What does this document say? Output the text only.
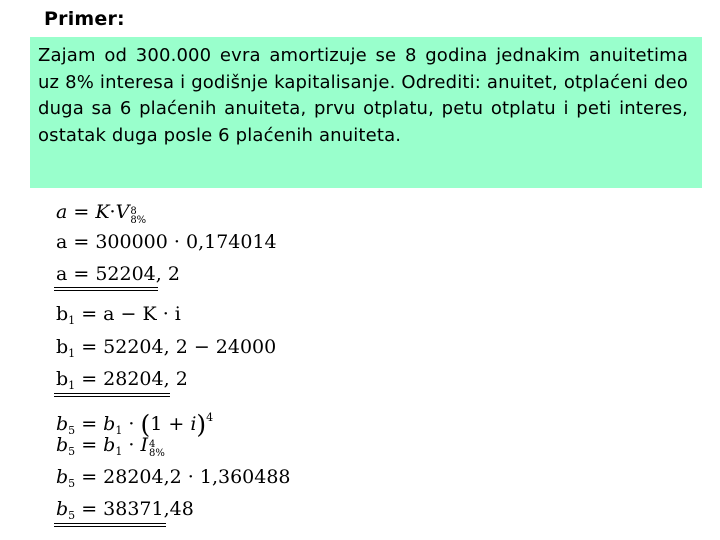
Primer:

Zajam od 300.000 evra amortizuje se 8 godina jednakim anuitetima uz 8% interesa i godišnje kapitalisanje. Odrediti: anuitet, otplaćeni deo duga sa 6 plaćenih anuiteta, prvu otplatu, petu otplatu i peti interes, ostatak duga posle 6 plaćenih anuiteta.

a = K·V 8
8%
a = 300000 · 0,174014
a = 52204, 2
$b_1 = a - K \cdot i$
$b_1 = 52204$, 2 − 24000
$b_1 = 28204$, 2
$b_5 = b_1 \cdot (1 + i)^4$
$b_5 = b_1 \cdot I$ 4
8%
$b_5 = 28204,2 \cdot 1,360488$
$b_5 = 38371,48$
